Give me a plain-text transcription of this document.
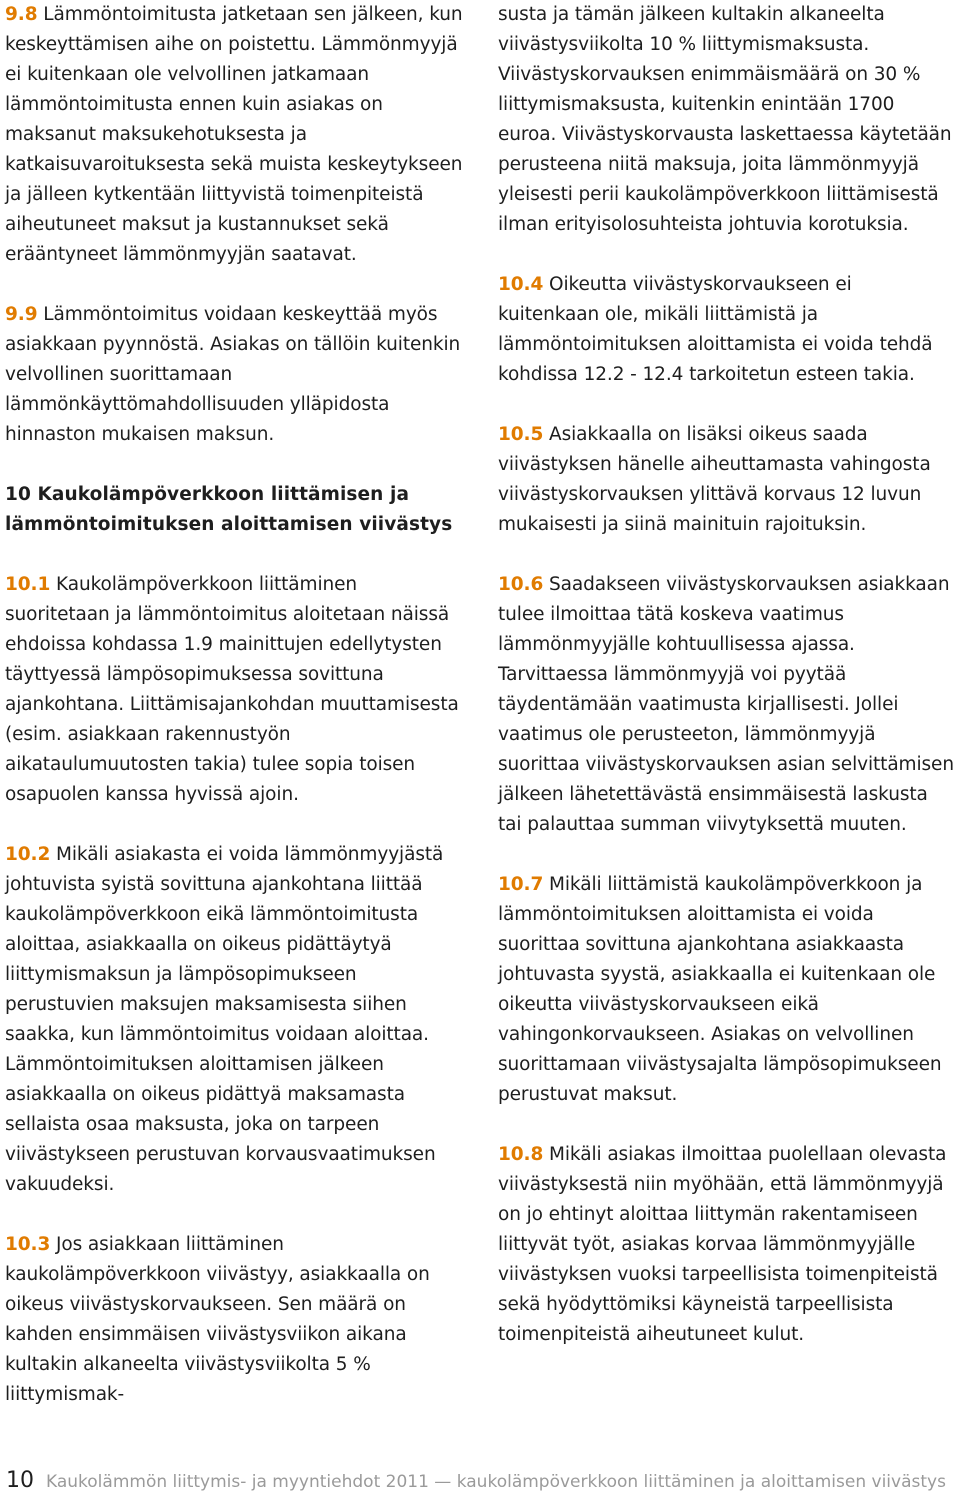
9.8 Lämmöntoimitusta jatketaan sen jälkeen, kun keskeyttämisen aihe on poistettu. Lämmönmyyjä ei kuitenkaan ole velvollinen jatkamaan lämmöntoimitusta ennen kuin asiakas on maksanut maksukehotuksesta ja katkaisuvaroituksesta sekä muista keskeytykseen ja jälleen kytkentään liittyvistä toimenpiteistä aiheutuneet maksut ja kustannukset sekä erääntyneet lämmönmyyjän saatavat.

9.9 Lämmöntoimitus voidaan keskeyttää myös asiakkaan pyynnöstä. Asiakas on tällöin kuitenkin velvollinen suorittamaan lämmönkäyttömahdollisuuden ylläpidosta hinnaston mukaisen maksun.

10 Kaukolämpöverkkoon liittämisen ja lämmöntoimituksen aloittamisen viivästys

10.1 Kaukolämpöverkkoon liittäminen suoritetaan ja lämmöntoimitus aloitetaan näissä ehdoissa kohdassa 1.9 mainittujen edellytysten täyttyessä lämpösopimuksessa sovittuna ajankohtana. Liittämisajankohdan muuttamisesta (esim. asiakkaan rakennustyön aikataulumuutosten takia) tulee sopia toisen osapuolen kanssa hyvissä ajoin.

10.2 Mikäli asiakasta ei voida lämmönmyyjästä johtuvista syistä sovittuna ajankohtana liittää kaukolämpöverkkoon eikä lämmöntoimitusta aloittaa, asiakkaalla on oikeus pidättäytyä liittymismaksun ja lämpösopimukseen perustuvien maksujen maksamisesta siihen saakka, kun lämmöntoimitus voidaan aloittaa. Lämmöntoimituksen aloittamisen jälkeen asiakkaalla on oikeus pidättyä maksamasta sellaista osaa maksusta, joka on tarpeen viivästykseen perustuvan korvausvaatimuksen vakuudeksi.

10.3 Jos asiakkaan liittäminen kaukolämpöverkkoon viivästyy, asiakkaalla on oikeus viivästyskorvaukseen. Sen määrä on kahden ensimmäisen viivästysviikon aikana kultakin alkaneelta viivästysviikolta 5 % liittymismak-

susta ja tämän jälkeen kultakin alkaneelta viivästysviikolta 10 % liittymismaksusta. Viivästyskorvauksen enimmäismäärä on 30 % liittymismaksusta, kuitenkin enintään 1700 euroa. Viivästyskorvausta laskettaessa käytetään perusteena niitä maksuja, joita lämmönmyyjä yleisesti perii kaukolämpöverkkoon liittämisestä ilman erityisolosuhteista johtuvia korotuksia.

10.4 Oikeutta viivästyskorvaukseen ei kuitenkaan ole, mikäli liittämistä ja lämmöntoimituksen aloittamista ei voida tehdä kohdissa 12.2 - 12.4 tarkoitetun esteen takia.

10.5 Asiakkaalla on lisäksi oikeus saada viivästyksen hänelle aiheuttamasta vahingosta viivästyskorvauksen ylittävä korvaus 12 luvun mukaisesti ja siinä mainituin rajoituksin.

10.6 Saadakseen viivästyskorvauksen asiakkaan tulee ilmoittaa tätä koskeva vaatimus lämmönmyyjälle kohtuullisessa ajassa. Tarvittaessa lämmönmyyjä voi pyytää täydentämään vaatimusta kirjallisesti. Jollei vaatimus ole perusteeton, lämmönmyyjä suorittaa viivästyskorvauksen asian selvittämisen jälkeen lähetettävästä ensimmäisestä laskusta tai palauttaa summan viivytyksettä muuten.

10.7 Mikäli liittämistä kaukolämpöverkkoon ja lämmöntoimituksen aloittamista ei voida suorittaa sovittuna ajankohtana asiakkaasta johtuvasta syystä, asiakkaalla ei kuitenkaan ole oikeutta viivästyskorvaukseen eikä vahingonkorvaukseen. Asiakas on velvollinen suorittamaan viivästysajalta lämpösopimukseen perustuvat maksut.

10.8 Mikäli asiakas ilmoittaa puolellaan olevasta viivästyksestä niin myöhään, että lämmönmyyjä on jo ehtinyt aloittaa liittymän rakentamiseen liittyvät työt, asiakas korvaa lämmönmyyjälle viivästyksen vuoksi tarpeellisista toimenpiteistä sekä hyödyttömiksi käyneistä tarpeellisista toimenpiteistä aiheutuneet kulut.

10 Kaukolämmön liittymis- ja myyntiehdot 2011 — kaukolämpöverkkoon liittäminen ja aloittamisen viivästys
